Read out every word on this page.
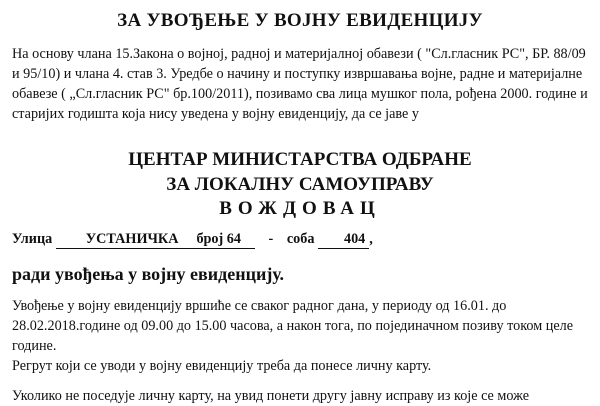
ЗА УВОЂЕЊЕ У ВОЈНУ ЕВИДЕНЦИЈУ
На основу члана 15.Закона о војној, радној и материјалној обавези ( "Сл.гласник РС", БР. 88/09 и 95/10) и члана 4. став 3. Уредбе о начину и поступку извршавања војне, радне и материјалне обавезе ( „Сл.гласник РС" бр.100/2011), позивамо сва лица мушког пола, рођена 2000. године и старијих годишта која нису уведена у војну евиденцију, да се јаве у
ЦЕНТАР МИНИСТАРСТВА ОДБРАНЕ
ЗА ЛОКАЛНУ САМОУПРАВУ
ВОЖДОВАЦ
Улица УСТАНИЧКА број 64 - соба 404 ,
ради увођења у војну евиденцију.
Увођење у војну евиденцију вршиће се сваког радног дана, у периоду од 16.01. до 28.02.2018.године од 09.00 до 15.00 часова, а након тога, по појединачном позиву током целе године.
Регрут који се уводи у војну евиденцију треба да понесе личну карту.
Уколико не поседује личну карту, на увид понети другу јавну исправу из које се може
